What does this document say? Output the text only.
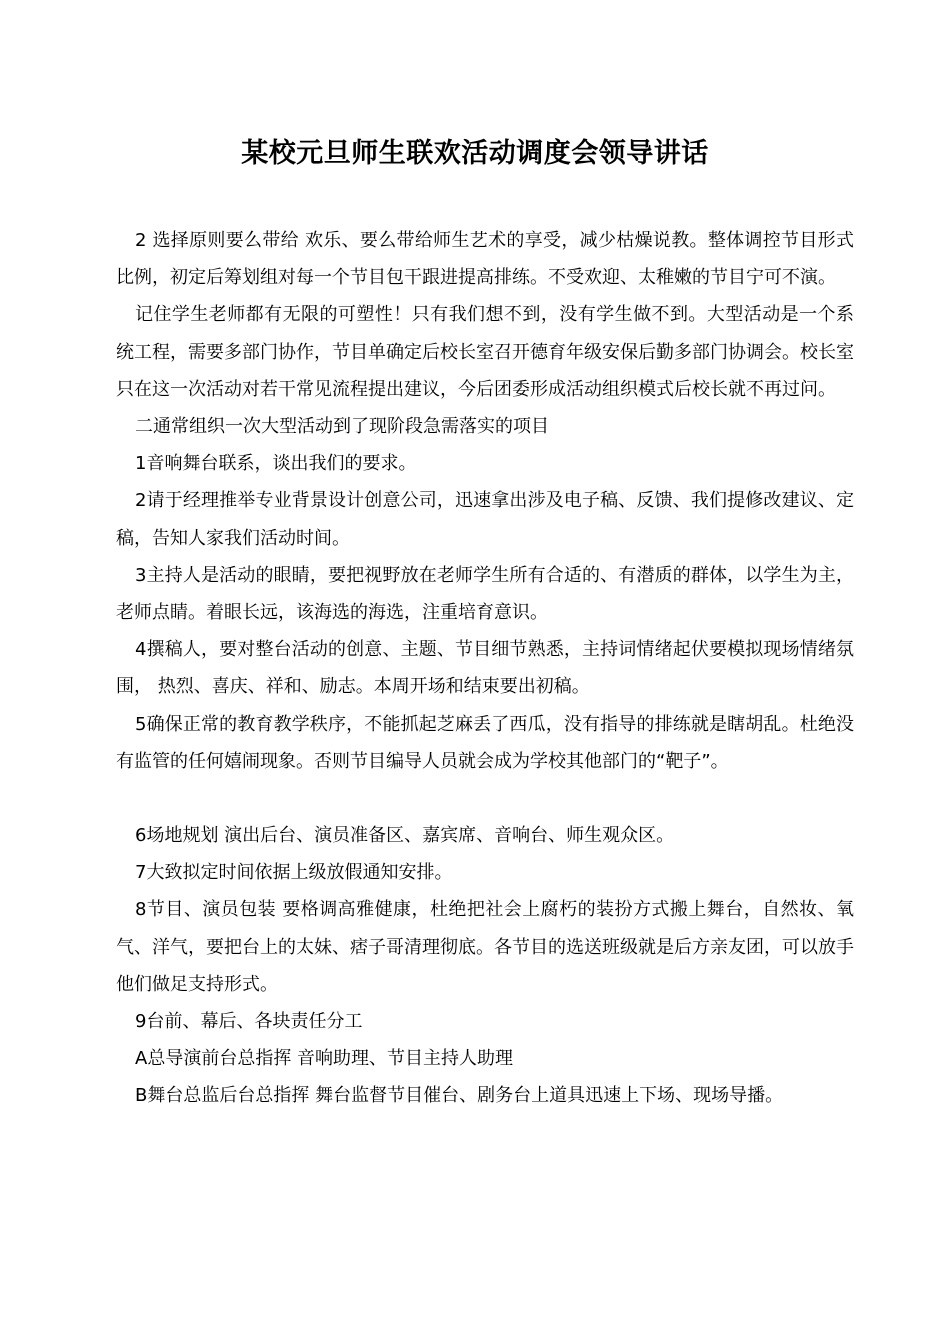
某校元旦师生联欢活动调度会领导讲话

2 选择原则要么带给 欢乐、要么带给师生艺术的享受，减少枯燥说教。整体调控节目形式比例，初定后筹划组对每一个节目包干跟进提高排练。不受欢迎、太稚嫩的节目宁可不演。

记住学生老师都有无限的可塑性！只有我们想不到，没有学生做不到。大型活动是一个系统工程，需要多部门协作，节目单确定后校长室召开德育年级安保后勤多部门协调会。校长室只在这一次活动对若干常见流程提出建议，今后团委形成活动组织模式后校长就不再过问。

二通常组织一次大型活动到了现阶段急需落实的项目

1音响舞台联系，谈出我们的要求。

2请于经理推举专业背景设计创意公司，迅速拿出涉及电子稿、反馈、我们提修改建议、定稿，告知人家我们活动时间。

3主持人是活动的眼睛，要把视野放在老师学生所有合适的、有潜质的群体，以学生为主，老师点睛。着眼长远，该海选的海选，注重培育意识。

4撰稿人，要对整台活动的创意、主题、节目细节熟悉，主持词情绪起伏要模拟现场情绪氛围， 热烈、喜庆、祥和、励志。本周开场和结束要出初稿。

5确保正常的教育教学秩序，不能抓起芝麻丢了西瓜，没有指导的排练就是瞎胡乱。杜绝没有监管的任何嬉闹现象。否则节目编导人员就会成为学校其他部门的“靶子”。

6场地规划 演出后台、演员准备区、嘉宾席、音响台、师生观众区。

7大致拟定时间依据上级放假通知安排。

8节目、演员包装 要格调高雅健康，杜绝把社会上腐朽的装扮方式搬上舞台，自然妆、氧气、洋气，要把台上的太妹、痞子哥清理彻底。各节目的选送班级就是后方亲友团，可以放手他们做足支持形式。

9台前、幕后、各块责任分工

A总导演前台总指挥 音响助理、节目主持人助理

B舞台总监后台总指挥 舞台监督节目催台、剧务台上道具迅速上下场、现场导播。
